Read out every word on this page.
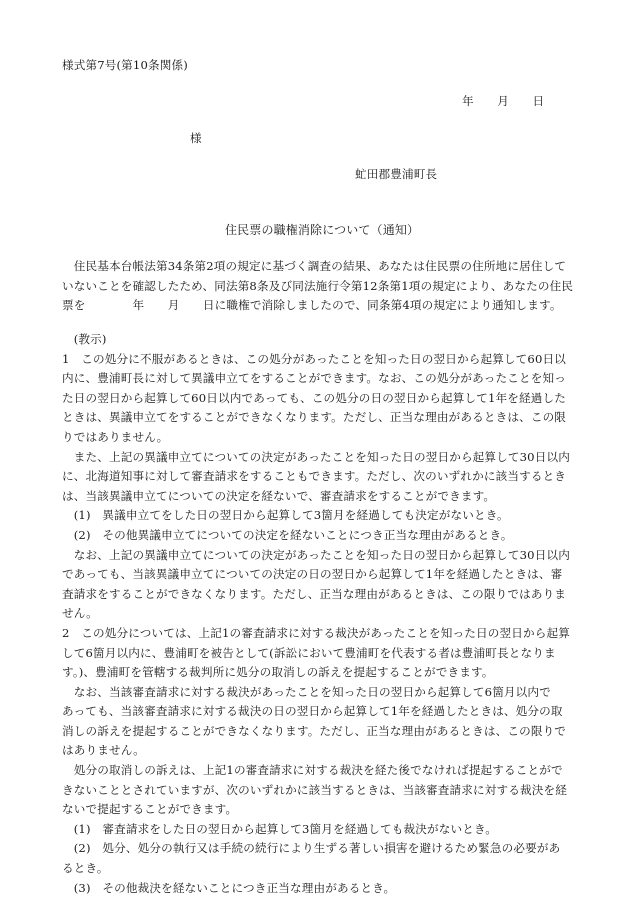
様式第7号(第10条関係)
年　　月　　日
様
虻田郡豊浦町長
住民票の職権消除について（通知）
　住民基本台帳法第34条第2項の規定に基づく調査の結果、あなたは住民票の住所地に居住して
いないことを確認したため、同法第8条及び同法施行令第12条第1項の規定により、あなたの住民
票を　　　　年　　月　　日に職権で消除しましたので、同条第4項の規定により通知します。
　(教示)
1　この処分に不服があるときは、この処分があったことを知った日の翌日から起算して60日以
内に、豊浦町長に対して異議申立てをすることができます。なお、この処分があったことを知っ
た日の翌日から起算して60日以内であっても、この処分の日の翌日から起算して1年を経過した
ときは、異議申立てをすることができなくなります。ただし、正当な理由があるときは、この限
りではありません。
　また、上記の異議申立てについての決定があったことを知った日の翌日から起算して30日以内
に、北海道知事に対して審査請求をすることもできます。ただし、次のいずれかに該当するとき
は、当該異議申立てについての決定を経ないで、審査請求をすることができます。
　(1)　異議申立てをした日の翌日から起算して3箇月を経過しても決定がないとき。
　(2)　その他異議申立てについての決定を経ないことにつき正当な理由があるとき。
　なお、上記の異議申立てについての決定があったことを知った日の翌日から起算して30日以内
であっても、当該異議申立てについての決定の日の翌日から起算して1年を経過したときは、審
査請求をすることができなくなります。ただし、正当な理由があるときは、この限りではありま
せん。
2　この処分については、上記1の審査請求に対する裁決があったことを知った日の翌日から起算
して6箇月以内に、豊浦町を被告として(訴訟において豊浦町を代表する者は豊浦町長となりま
す。)、豊浦町を管轄する裁判所に処分の取消しの訴えを提起することができます。
　なお、当該審査請求に対する裁決があったことを知った日の翌日から起算して6箇月以内で
あっても、当該審査請求に対する裁決の日の翌日から起算して1年を経過したときは、処分の取
消しの訴えを提起することができなくなります。ただし、正当な理由があるときは、この限りで
はありません。
　処分の取消しの訴えは、上記1の審査請求に対する裁決を経た後でなければ提起することがで
きないこととされていますが、次のいずれかに該当するときは、当該審査請求に対する裁決を経
ないで提起することができます。
　(1)　審査請求をした日の翌日から起算して3箇月を経過しても裁決がないとき。
　(2)　処分、処分の執行又は手続の続行により生ずる著しい損害を避けるため緊急の必要があ
るとき。
　(3)　その他裁決を経ないことにつき正当な理由があるとき。
